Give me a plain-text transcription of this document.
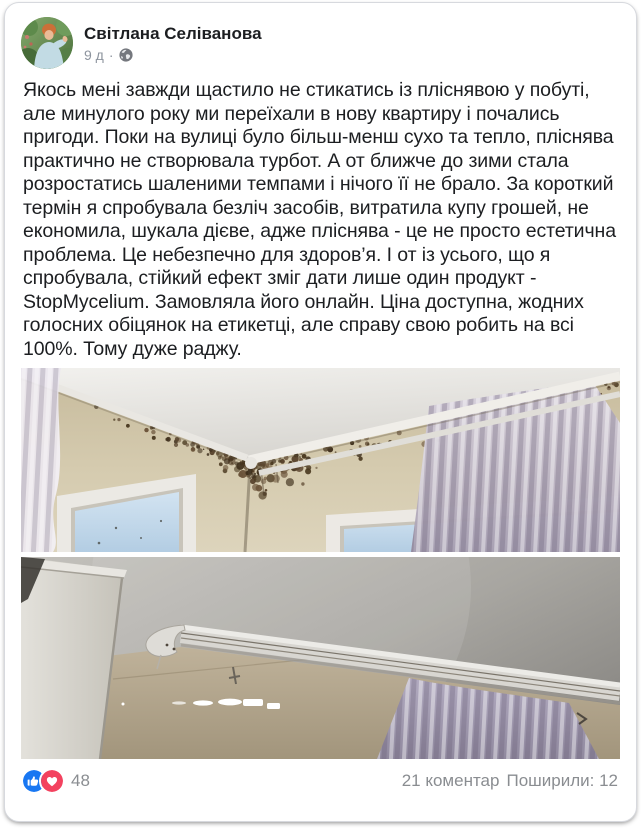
Світлана Селіванова
9 д ·
Якось мені завжди щастило не стикатись із пліснявою у побуті, але минулого року ми переїхали в нову квартиру і почались пригоди. Поки на вулиці було більш-менш сухо та тепло, пліснява практично не створювала турбот. А от ближче до зими стала розростатись шаленими темпами і нічого її не брало. За короткий термін я спробувала безліч засобів, витратила купу грошей, не економила, шукала дієве, адже пліснява - це не просто естетична проблема. Це небезпечно для здоров’я. І от із усього, що я спробувала, стійкий ефект зміг дати лише один продукт - StopMycelium. Замовляла його онлайн. Ціна доступна, жодних голосних обіцянок на етикетці, але справу свою робить на всі 100%. Тому дуже раджу.
48	21 коментар Поширили: 12
